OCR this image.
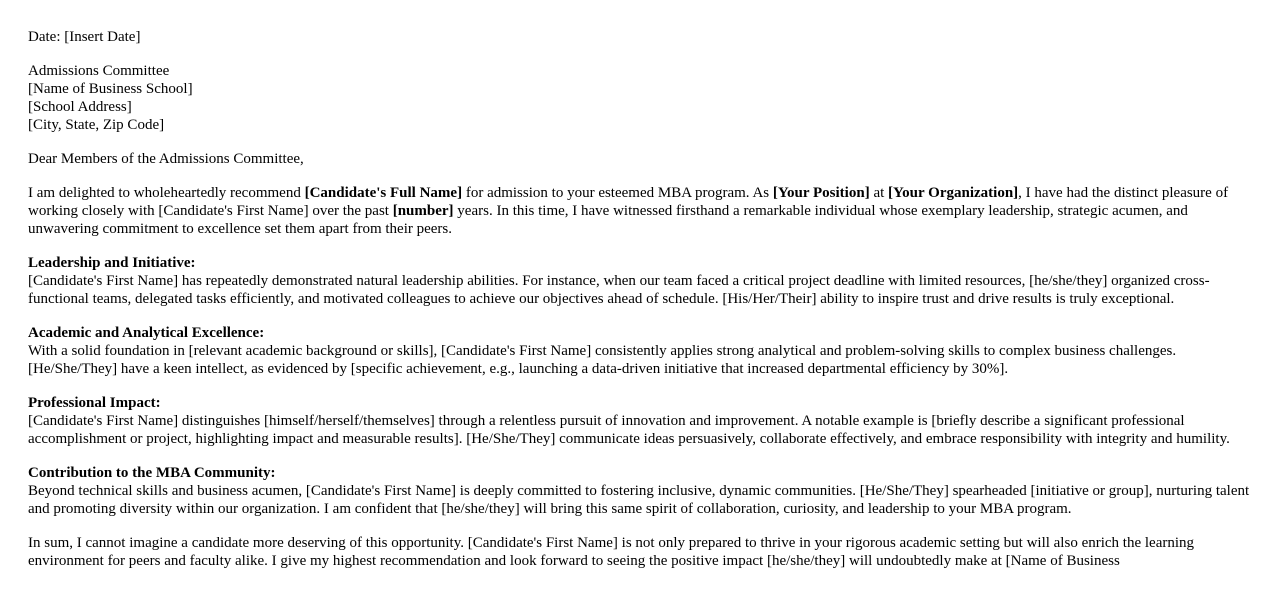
Date: [Insert Date]

Admissions Committee
[Name of Business School]
[School Address]
[City, State, Zip Code]

Dear Members of the Admissions Committee,

I am delighted to wholeheartedly recommend [Candidate's Full Name] for admission to your esteemed MBA program. As [Your Position] at [Your Organization], I have had the distinct pleasure of working closely with [Candidate's First Name] over the past [number] years. In this time, I have witnessed firsthand a remarkable individual whose exemplary leadership, strategic acumen, and unwavering commitment to excellence set them apart from their peers.

Leadership and Initiative:
[Candidate's First Name] has repeatedly demonstrated natural leadership abilities. For instance, when our team faced a critical project deadline with limited resources, [he/she/they] organized cross-functional teams, delegated tasks efficiently, and motivated colleagues to achieve our objectives ahead of schedule. [His/Her/Their] ability to inspire trust and drive results is truly exceptional.

Academic and Analytical Excellence:
With a solid foundation in [relevant academic background or skills], [Candidate's First Name] consistently applies strong analytical and problem-solving skills to complex business challenges. [He/She/They] have a keen intellect, as evidenced by [specific achievement, e.g., launching a data-driven initiative that increased departmental efficiency by 30%].

Professional Impact:
[Candidate's First Name] distinguishes [himself/herself/themselves] through a relentless pursuit of innovation and improvement. A notable example is [briefly describe a significant professional accomplishment or project, highlighting impact and measurable results]. [He/She/They] communicate ideas persuasively, collaborate effectively, and embrace responsibility with integrity and humility.

Contribution to the MBA Community:
Beyond technical skills and business acumen, [Candidate's First Name] is deeply committed to fostering inclusive, dynamic communities. [He/She/They] spearheaded [initiative or group], nurturing talent and promoting diversity within our organization. I am confident that [he/she/they] will bring this same spirit of collaboration, curiosity, and leadership to your MBA program.

In sum, I cannot imagine a candidate more deserving of this opportunity. [Candidate's First Name] is not only prepared to thrive in your rigorous academic setting but will also enrich the learning environment for peers and faculty alike. I give my highest recommendation and look forward to seeing the positive impact [he/she/they] will undoubtedly make at [Name of Business
